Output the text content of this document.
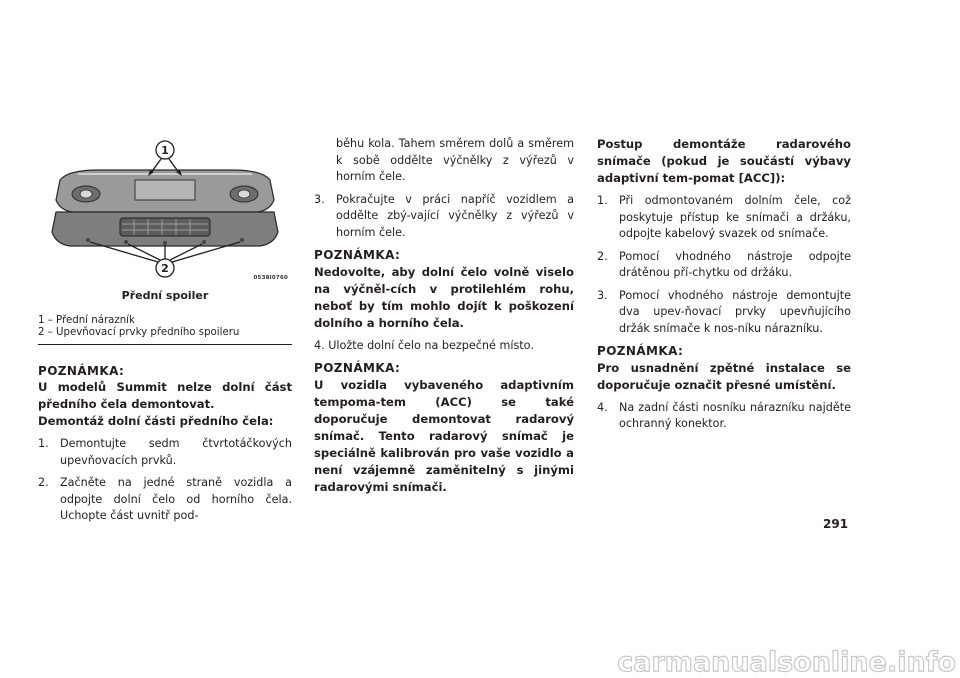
1
2
0538I0760
Přední spoiler
1 – Přední nárazník
2 – Upevňovací prvky předního spoileru
POZNÁMKA:
U modelů Summit nelze dolní část předního čela demontovat.
Demontáž dolní části předního čela:
1. Demontujte sedm čtvrtotáčkových upevňovacích prvků.
2. Začněte na jedné straně vozidla a odpojte dolní čelo od horního čela. Uchopte část uvnitř pod-
běhu kola. Tahem směrem dolů a směrem k sobě oddělte výčnělky z výřezů v horním čele.
3. Pokračujte v práci napříč vozidlem a oddělte zbý-vající výčnělky z výřezů v horním čele.
POZNÁMKA:
Nedovolte, aby dolní čelo volně viselo na výčněl-cích v protilehlém rohu, neboť by tím mohlo dojít k poškození dolního a horního čela.
4. Uložte dolní čelo na bezpečné místo.
POZNÁMKA:
U vozidla vybaveného adaptivním tempoma-tem (ACC) se také doporučuje demontovat radarový snímač. Tento radarový snímač je speciálně kalibrován pro vaše vozidlo a není vzájemně zaměnitelný s jinými radarovými snímači.
Postup demontáže radarového snímače (pokud je součástí výbavy adaptivní tem-pomat [ACC]):
1. Při odmontovaném dolním čele, což poskytuje přístup ke snímači a držáku, odpojte kabelový svazek od snímače.
2. Pomocí vhodného nástroje odpojte drátěnou pří-chytku od držáku.
3. Pomocí vhodného nástroje demontujte dva upev-ňovací prvky upevňujícího držák snímače k nos-níku nárazníku.
POZNÁMKA:
Pro usnadnění zpětné instalace se doporučuje označit přesné umístění.
4. Na zadní části nosníku nárazníku najděte ochranný konektor.
291
carmanualsonline.info
